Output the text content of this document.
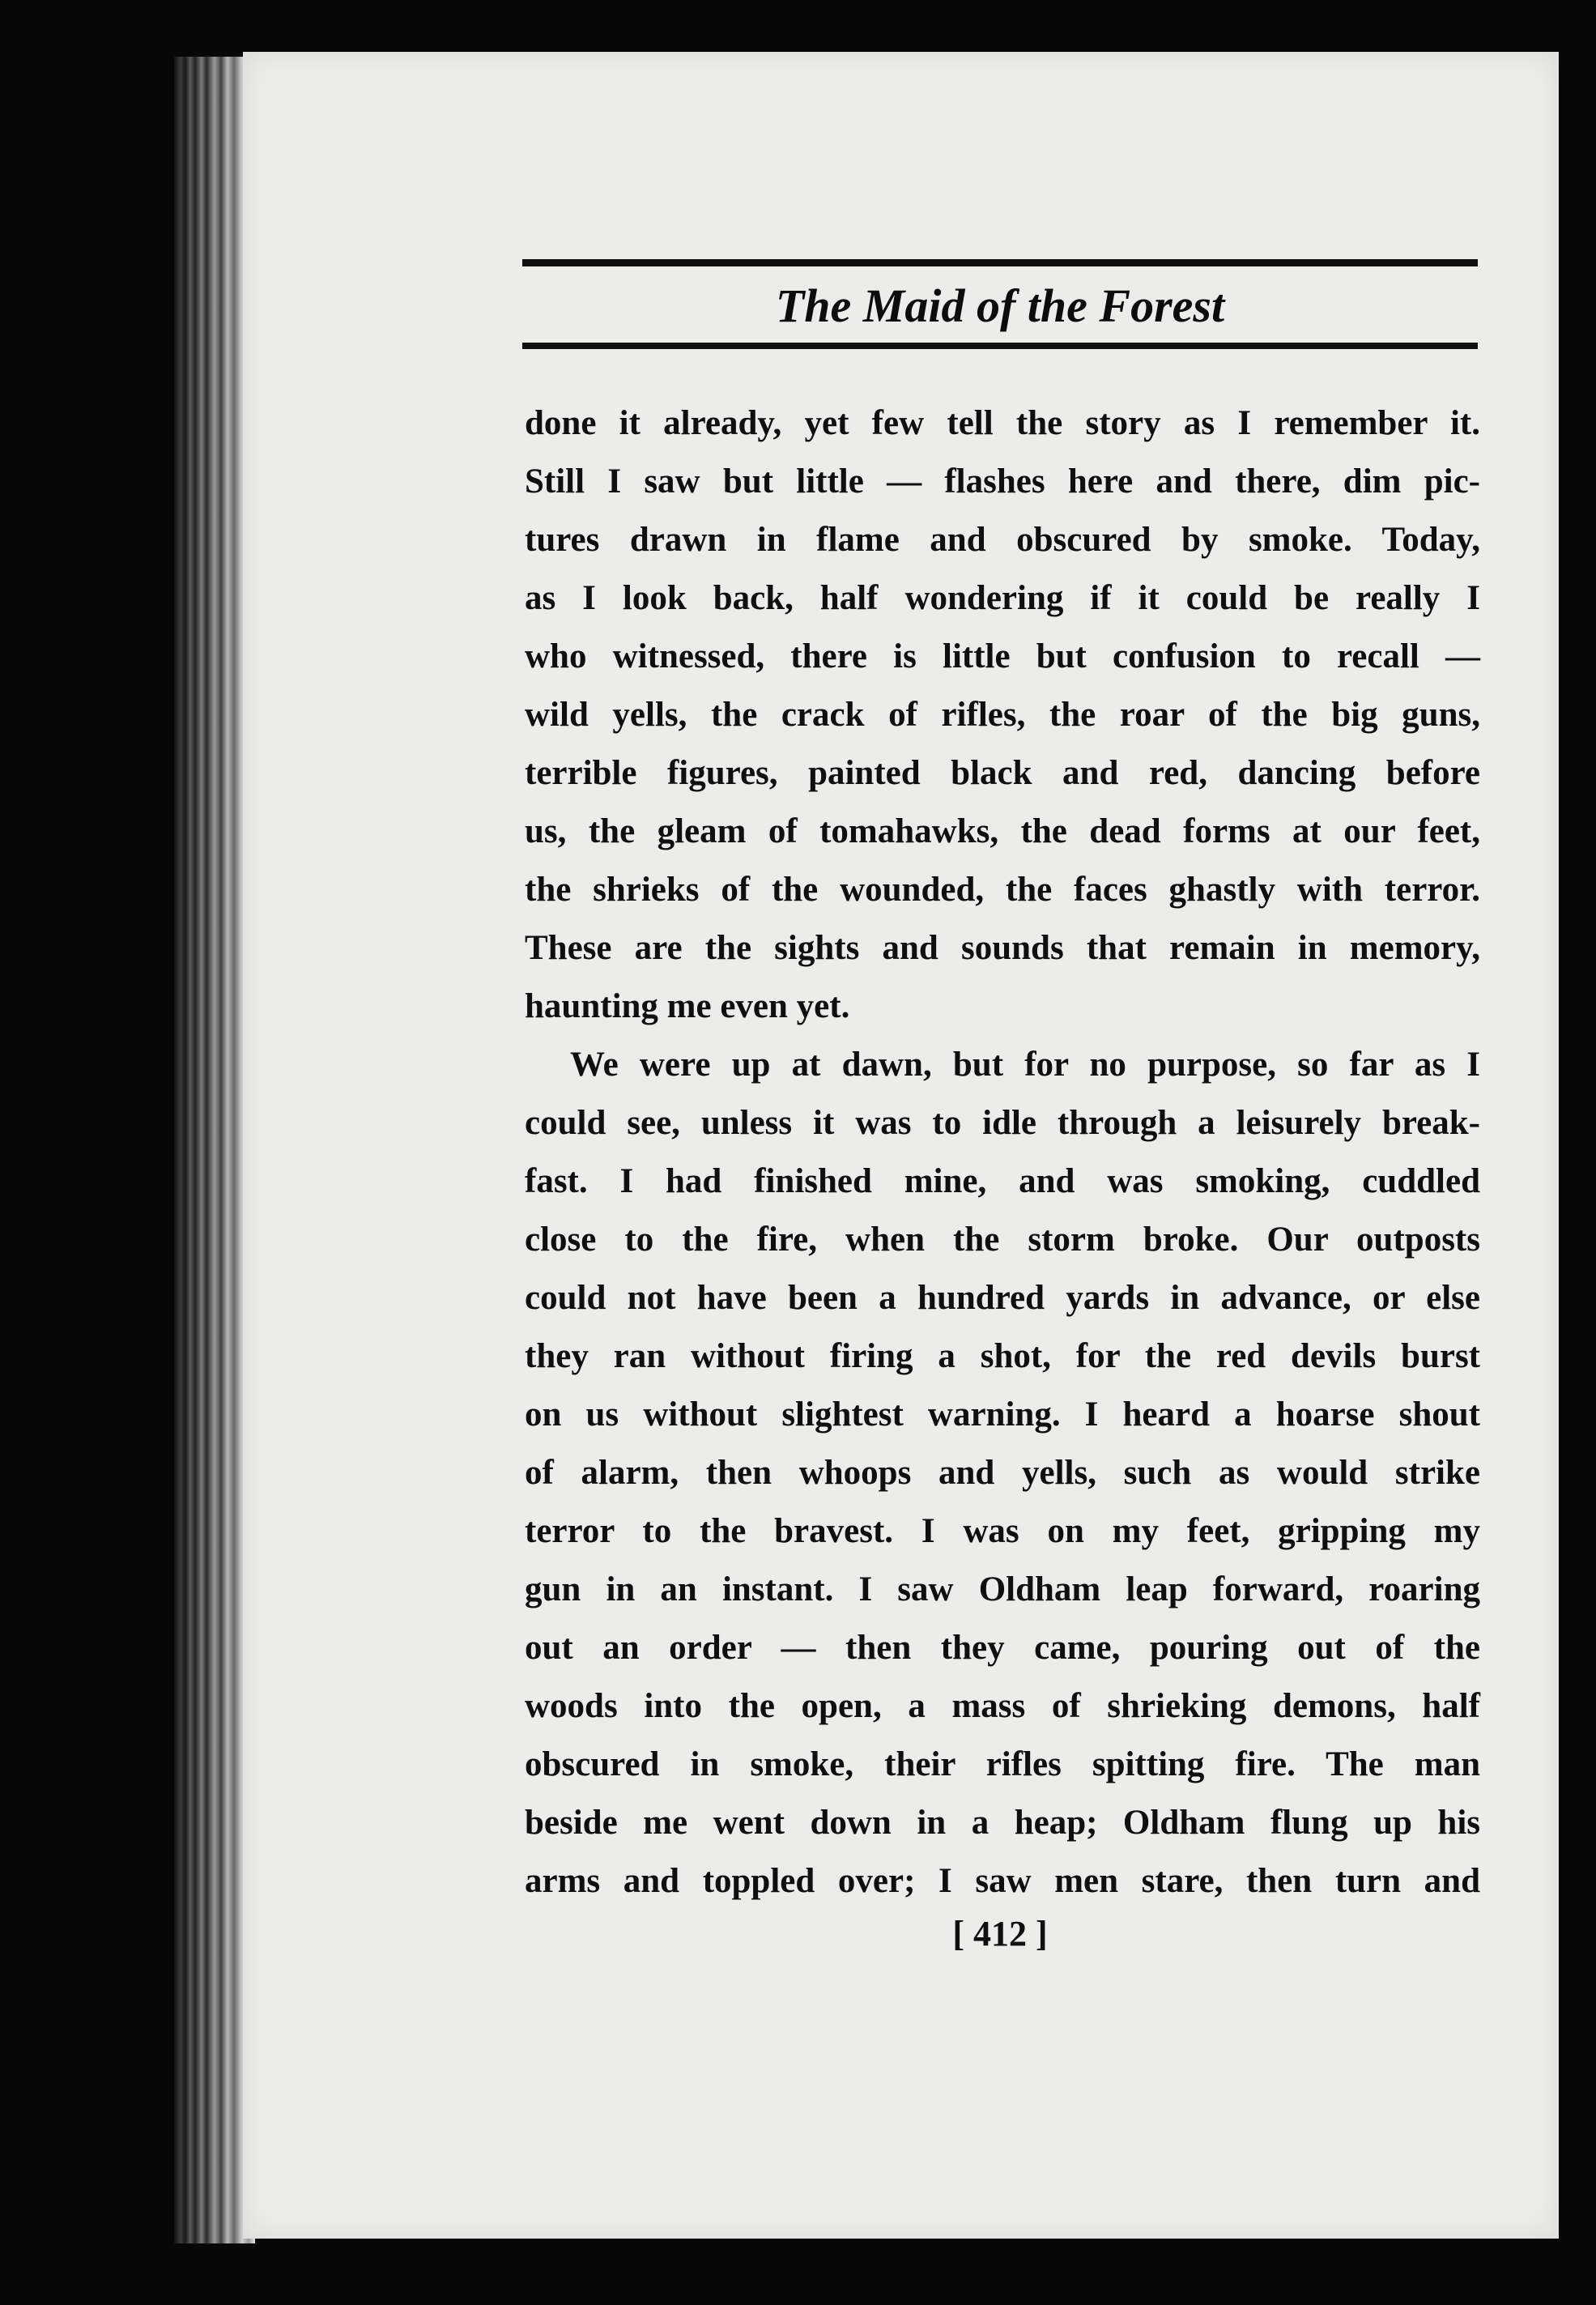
The Maid of the Forest

done it already, yet few tell the story as I remember it.
Still I saw but little — flashes here and there, dim pic-
tures drawn in flame and obscured by smoke. Today,
as I look back, half wondering if it could be really I
who witnessed, there is little but confusion to recall —
wild yells, the crack of rifles, the roar of the big guns,
terrible figures, painted black and red, dancing before
us, the gleam of tomahawks, the dead forms at our feet,
the shrieks of the wounded, the faces ghastly with terror.
These are the sights and sounds that remain in memory,
haunting me even yet.

We were up at dawn, but for no purpose, so far as I
could see, unless it was to idle through a leisurely break-
fast. I had finished mine, and was smoking, cuddled
close to the fire, when the storm broke. Our outposts
could not have been a hundred yards in advance, or else
they ran without firing a shot, for the red devils burst
on us without slightest warning. I heard a hoarse shout
of alarm, then whoops and yells, such as would strike
terror to the bravest. I was on my feet, gripping my
gun in an instant. I saw Oldham leap forward, roaring
out an order — then they came, pouring out of the
woods into the open, a mass of shrieking demons, half
obscured in smoke, their rifles spitting fire. The man
beside me went down in a heap; Oldham flung up his
arms and toppled over; I saw men stare, then turn and

[ 412 ]
